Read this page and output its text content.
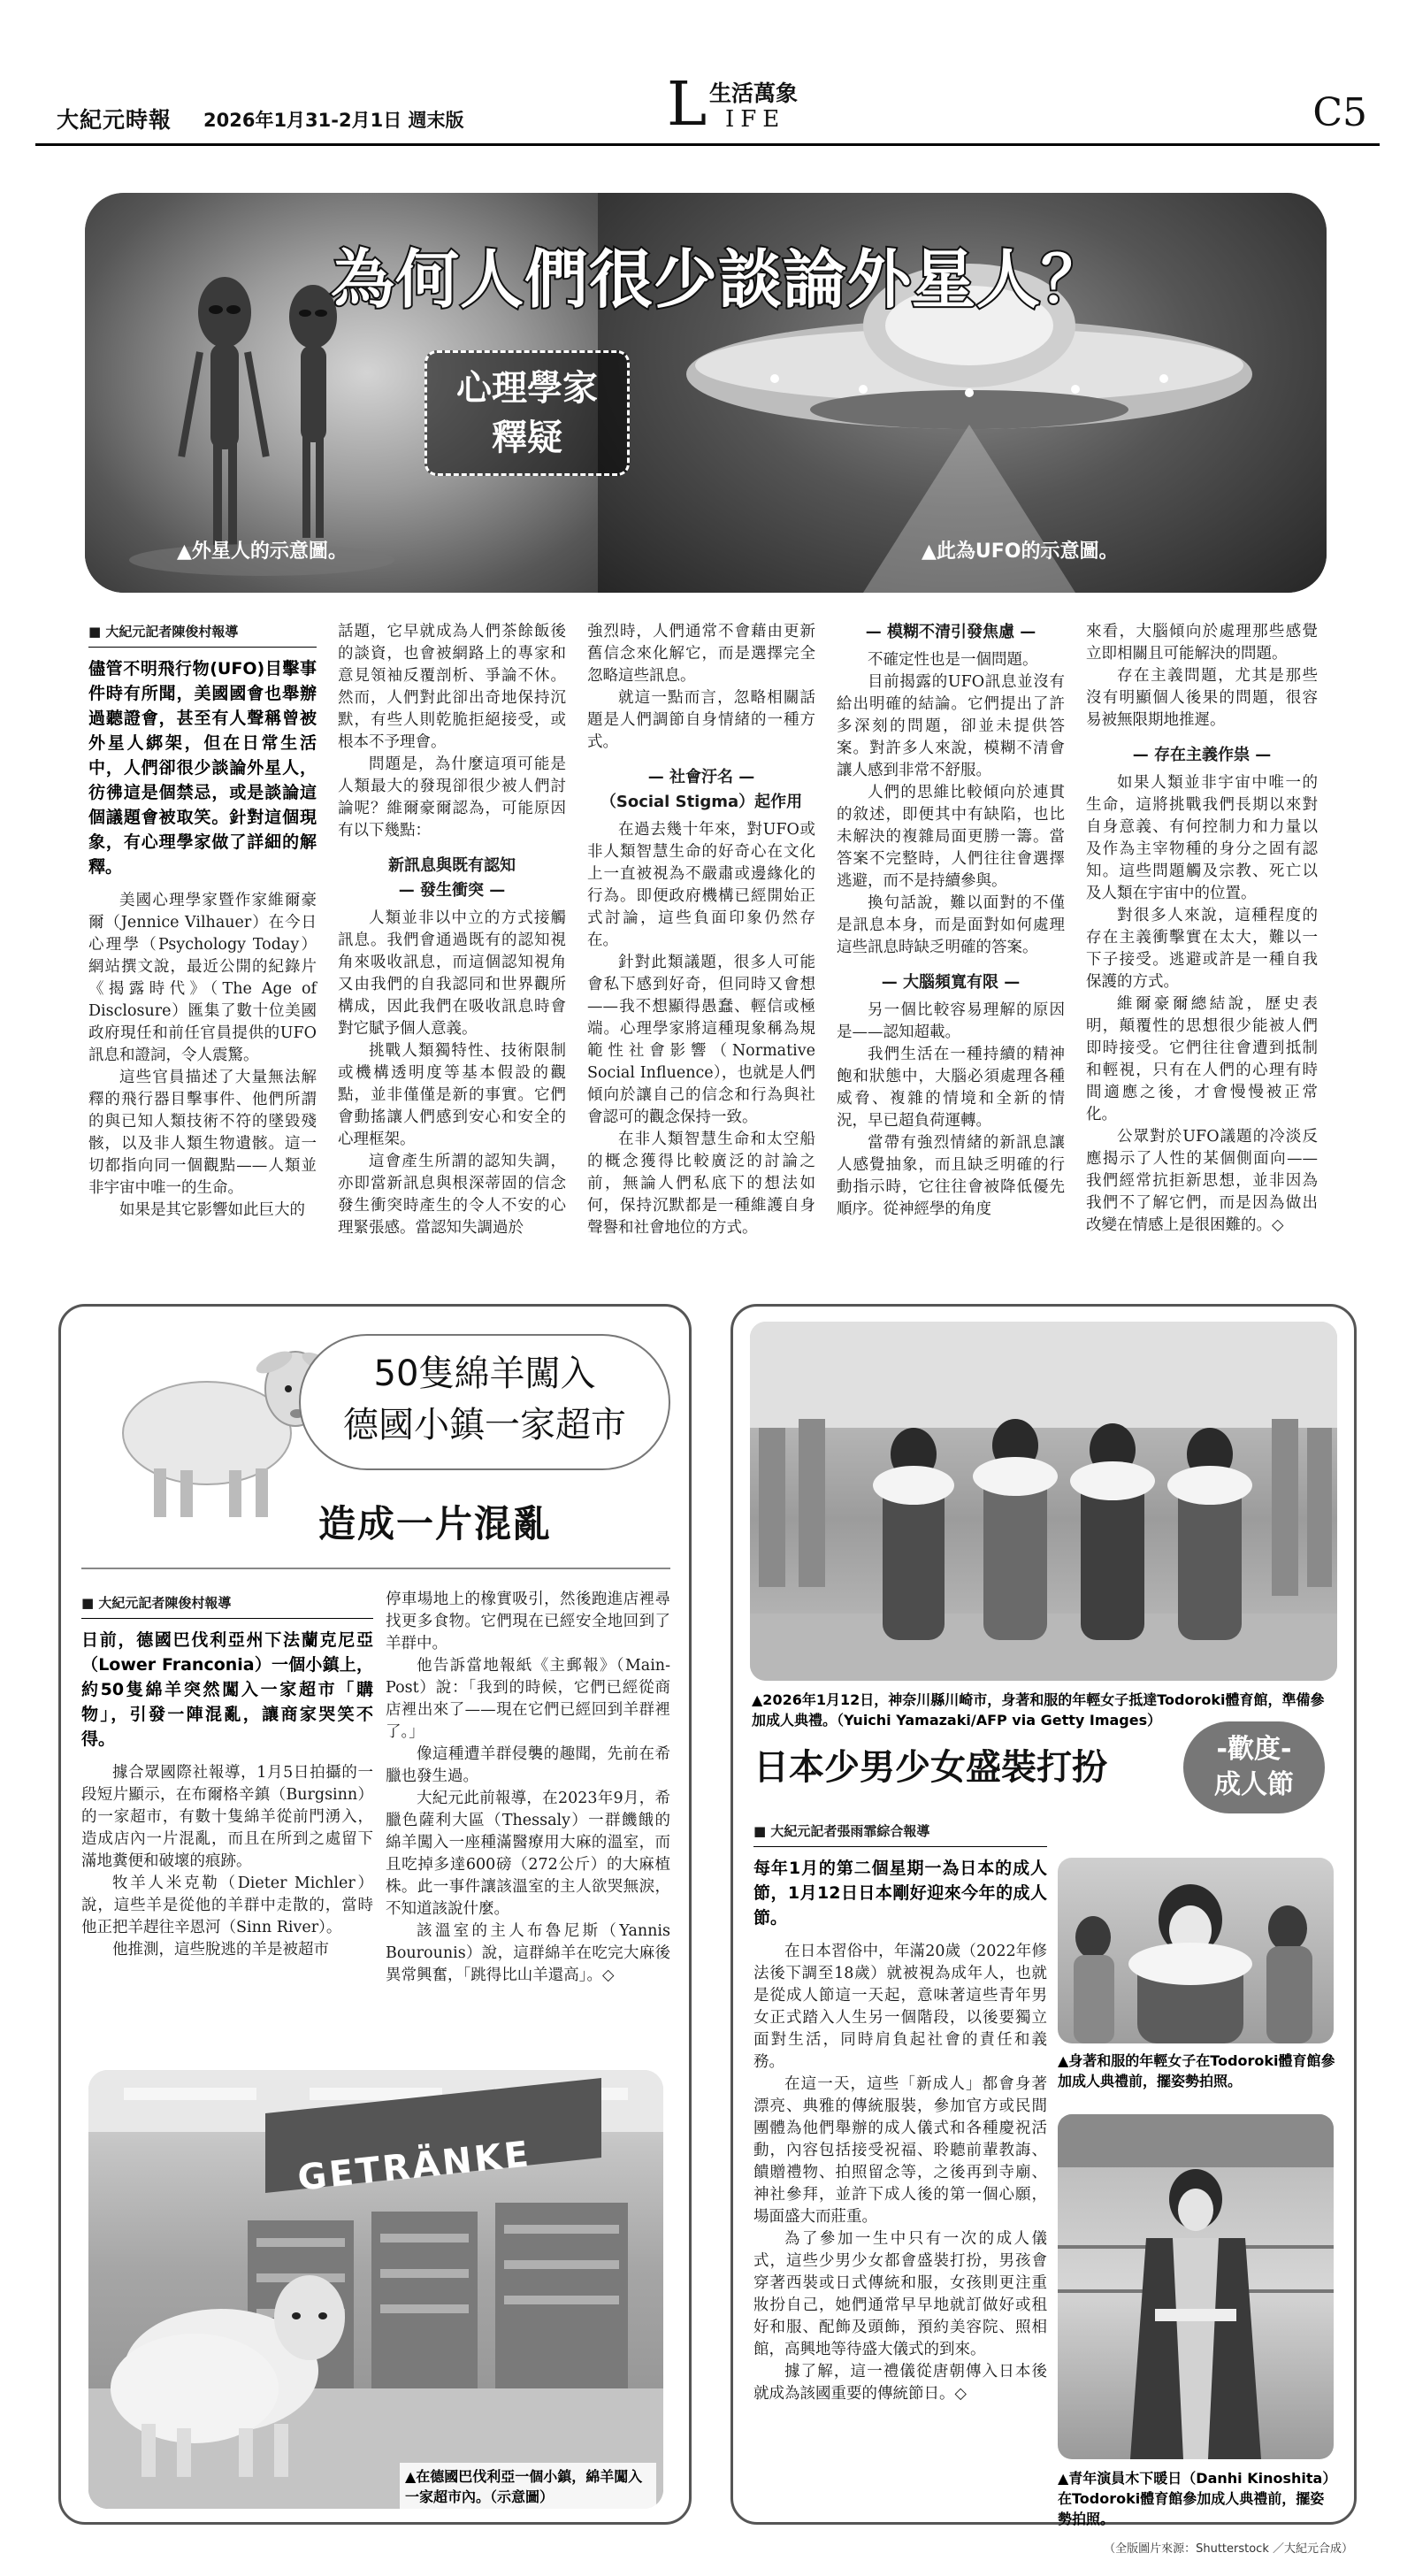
大紀元時報 2026年1月31-2月1日 週末版	L 生活萬象
IFE	C5
為何人們很少談論外星人？
心理學家
釋疑
▲外星人的示意圖。	▲此為UFO的示意圖。
■ 大紀元記者陳俊村報導
儘管不明飛行物(UFO)目擊事件時有所聞，美國國會也舉辦過聽證會，甚至有人聲稱曾被外星人綁架，但在日常生活中，人們卻很少談論外星人，彷彿這是個禁忌，或是談論這個議題會被取笑。針對這個現象，有心理學家做了詳細的解釋。

美國心理學家暨作家維爾豪爾（Jennice Vilhauer）在今日心理學（Psychology Today）網站撰文說，最近公開的紀錄片《揭露時代》（The Age of Disclosure）匯集了數十位美國政府現任和前任官員提供的UFO訊息和證詞，令人震驚。

這些官員描述了大量無法解釋的飛行器目擊事件、他們所謂的與已知人類技術不符的墜毀殘骸，以及非人類生物遺骸。這一切都指向同一個觀點——人類並非宇宙中唯一的生命。

如果是其它影響如此巨大的

話題，它早就成為人們茶餘飯後的談資，也會被網路上的專家和意見領袖反覆剖析、爭論不休。然而，人們對此卻出奇地保持沉默，有些人則乾脆拒絕接受，或根本不予理會。

問題是，為什麼這項可能是人類最大的發現卻很少被人們討論呢？維爾豪爾認為，可能原因有以下幾點：

新訊息與既有認知
— 發生衝突 —

人類並非以中立的方式接觸訊息。我們會通過既有的認知視角來吸收訊息，而這個認知視角又由我們的自我認同和世界觀所構成，因此我們在吸收訊息時會對它賦予個人意義。

挑戰人類獨特性、技術限制或機構透明度等基本假設的觀點，並非僅僅是新的事實。它們會動搖讓人們感到安心和安全的心理框架。

這會產生所謂的認知失調，亦即當新訊息與根深蒂固的信念發生衝突時產生的令人不安的心理緊張感。當認知失調過於

強烈時，人們通常不會藉由更新舊信念來化解它，而是選擇完全忽略這些訊息。

就這一點而言，忽略相關話題是人們調節自身情緒的一種方式。

— 社會汙名 —
（Social Stigma）起作用

在過去幾十年來，對UFO或非人類智慧生命的好奇心在文化上一直被視為不嚴肅或邊緣化的行為。即便政府機構已經開始正式討論，這些負面印象仍然存在。

針對此類議題，很多人可能會私下感到好奇，但同時又會想——我不想顯得愚蠢、輕信或極端。心理學家將這種現象稱為規範性社會影響（Normative Social Influence），也就是人們傾向於讓自己的信念和行為與社會認可的觀念保持一致。

在非人類智慧生命和太空船的概念獲得比較廣泛的討論之前，無論人們私底下的想法如何，保持沉默都是一種維護自身聲譽和社會地位的方式。

— 模糊不清引發焦慮 —

不確定性也是一個問題。

目前揭露的UFO訊息並沒有給出明確的結論。它們提出了許多深刻的問題，卻並未提供答案。對許多人來說，模糊不清會讓人感到非常不舒服。

人們的思維比較傾向於連貫的敘述，即便其中有缺陷，也比未解決的複雜局面更勝一籌。當答案不完整時，人們往往會選擇逃避，而不是持續參與。

換句話說，難以面對的不僅是訊息本身，而是面對如何處理這些訊息時缺乏明確的答案。

— 大腦頻寬有限 —

另一個比較容易理解的原因是——認知超載。

我們生活在一種持續的精神飽和狀態中，大腦必須處理各種威脅、複雜的情境和全新的情況，早已超負荷運轉。

當帶有強烈情緒的新訊息讓人感覺抽象，而且缺乏明確的行動指示時，它往往會被降低優先順序。從神經學的角度

來看，大腦傾向於處理那些感覺立即相關且可能解決的問題。

存在主義問題，尤其是那些沒有明顯個人後果的問題，很容易被無限期地推遲。

— 存在主義作祟 —

如果人類並非宇宙中唯一的生命，這將挑戰我們長期以來對自身意義、有何控制力和力量以及作為主宰物種的身分之固有認知。這些問題觸及宗教、死亡以及人類在宇宙中的位置。

對很多人來說，這種程度的存在主義衝擊實在太大，難以一下子接受。逃避或許是一種自我保護的方式。

維爾豪爾總結說，歷史表明，顛覆性的思想很少能被人們即時接受。它們往往會遭到抵制和輕視，只有在人們的心理有時間適應之後，才會慢慢被正常化。

公眾對於UFO議題的冷淡反應揭示了人性的某個側面向——我們經常抗拒新思想，並非因為我們不了解它們，而是因為做出改變在情感上是很困難的。◇

50隻綿羊闖入
德國小鎮一家超市
造成一片混亂
■ 大紀元記者陳俊村報導
日前，德國巴伐利亞州下法蘭克尼亞（Lower Franconia）一個小鎮上，約50隻綿羊突然闖入一家超市「購物」，引發一陣混亂，讓商家哭笑不得。

據合眾國際社報導，1月5日拍攝的一段短片顯示，在布爾格辛鎮（Burgsinn）的一家超市，有數十隻綿羊從前門湧入，造成店內一片混亂，而且在所到之處留下滿地糞便和破壞的痕跡。

牧羊人米克勒（Dieter Michler）說，這些羊是從他的羊群中走散的，當時他正把羊趕往辛恩河（Sinn River）。

他推測，這些脫逃的羊是被超市

停車場地上的橡實吸引，然後跑進店裡尋找更多食物。它們現在已經安全地回到了羊群中。

他告訴當地報紙《主郵報》（Main-Post）說：「我到的時候，它們已經從商店裡出來了——現在它們已經回到羊群裡了。」

像這種遭羊群侵襲的趣聞，先前在希臘也發生過。

大紀元此前報導，在2023年9月，希臘色薩利大區（Thessaly）一群饑餓的綿羊闖入一座種滿醫療用大麻的溫室，而且吃掉多達600磅（272公斤）的大麻植株。此一事件讓該溫室的主人欲哭無淚，不知道該說什麼。

該溫室的主人布魯尼斯（Yannis Bourounis）說，這群綿羊在吃完大麻後異常興奮，「跳得比山羊還高」。◇

GETRÄNKE
▲在德國巴伐利亞一個小鎮，綿羊闖入一家超市內。（示意圖）
▲2026年1月12日，神奈川縣川崎市，身著和服的年輕女子抵達Todoroki體育館，準備參加成人典禮。（Yuichi Yamazaki/AFP via Getty Images）
日本少男少女盛裝打扮	-歡度-
成人節
■ 大紀元記者張雨霏綜合報導
每年1月的第二個星期一為日本的成人節，1月12日日本剛好迎來今年的成人節。

在日本習俗中，年滿20歲（2022年修法後下調至18歲）就被視為成年人，也就是從成人節這一天起，意味著這些青年男女正式踏入人生另一個階段，以後要獨立面對生活，同時肩負起社會的責任和義務。

在這一天，這些「新成人」都會身著漂亮、典雅的傳統服裝，參加官方或民間團體為他們舉辦的成人儀式和各種慶祝活動，內容包括接受祝福、聆聽前輩教誨、饋贈禮物、拍照留念等，之後再到寺廟、神社參拜，並許下成人後的第一個心願，場面盛大而莊重。

為了參加一生中只有一次的成人儀式，這些少男少女都會盛裝打扮，男孩會穿著西裝或日式傳統和服，女孩則更注重妝扮自己，她們通常早早地就訂做好或租好和服、配飾及頭飾，預約美容院、照相館，高興地等待盛大儀式的到來。

據了解，這一禮儀從唐朝傳入日本後就成為該國重要的傳統節日。◇

▲身著和服的年輕女子在Todoroki體育館參加成人典禮前，擺姿勢拍照。
▲青年演員木下暖日（Danhi Kinoshita）在Todoroki體育館參加成人典禮前，擺姿勢拍照。
（全版圖片來源：Shutterstock ／大紀元合成）
